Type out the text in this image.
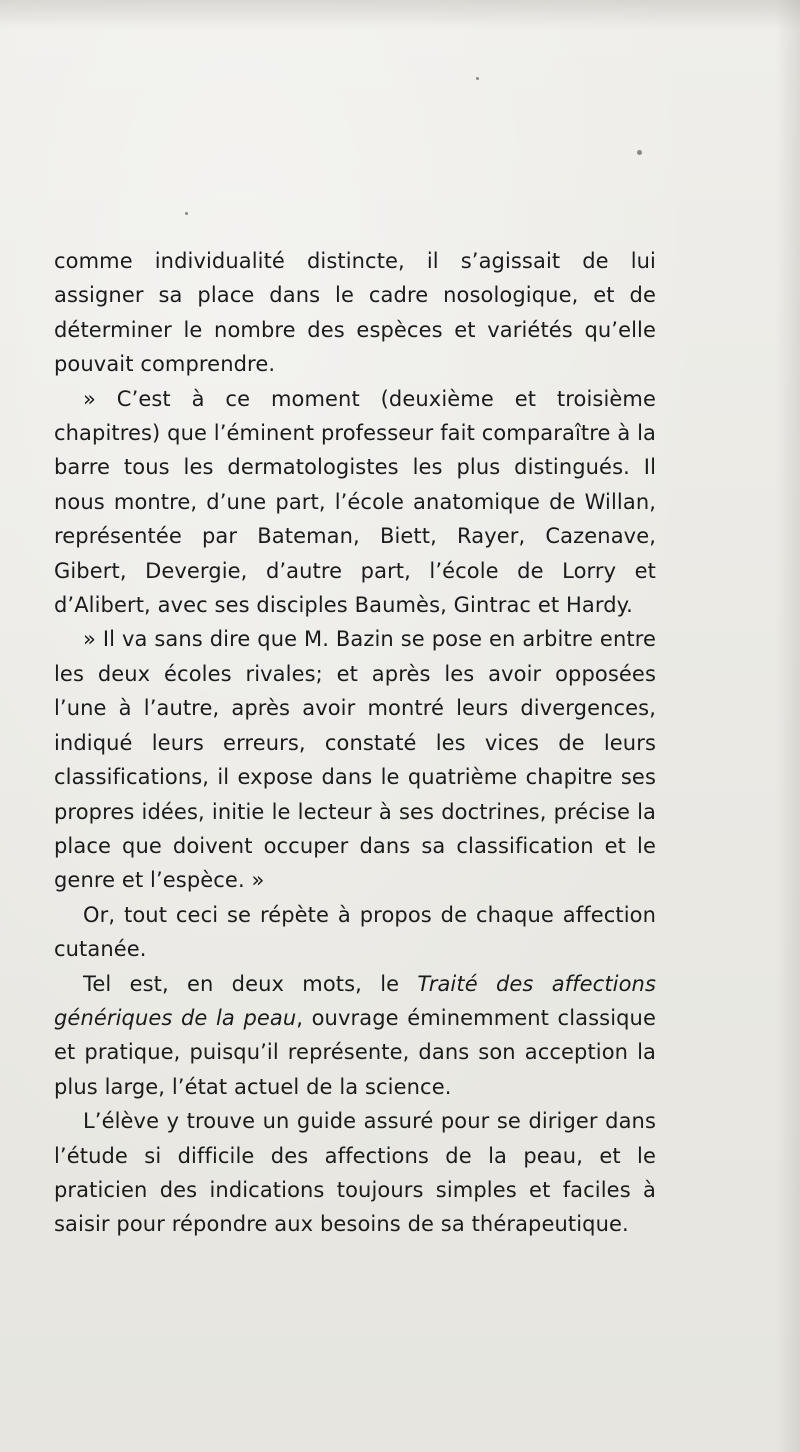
comme individualité distincte, il s’agissait de lui assigner sa place dans le cadre nosologique, et de déterminer le nombre des espèces et variétés qu’elle pouvait comprendre.

» C’est à ce moment (deuxième et troisième chapitres) que l’éminent professeur fait comparaître à la barre tous les dermatologistes les plus distingués. Il nous montre, d’une part, l’école anatomique de Willan, représentée par Bateman, Biett, Rayer, Cazenave, Gibert, Devergie, d’autre part, l’école de Lorry et d’Alibert, avec ses disciples Baumès, Gintrac et Hardy.

» Il va sans dire que M. Bazin se pose en arbitre entre les deux écoles rivales; et après les avoir opposées l’une à l’autre, après avoir montré leurs divergences, indiqué leurs erreurs, constaté les vices de leurs classifications, il expose dans le quatrième chapitre ses propres idées, initie le lecteur à ses doctrines, précise la place que doivent occuper dans sa classification et le genre et l’espèce. »

Or, tout ceci se répète à propos de chaque affection cutanée.

Tel est, en deux mots, le Traité des affections génériques de la peau, ouvrage éminemment classique et pratique, puisqu’il représente, dans son acception la plus large, l’état actuel de la science.

L’élève y trouve un guide assuré pour se diriger dans l’étude si difficile des affections de la peau, et le praticien des indications toujours simples et faciles à saisir pour répondre aux besoins de sa thérapeutique.
